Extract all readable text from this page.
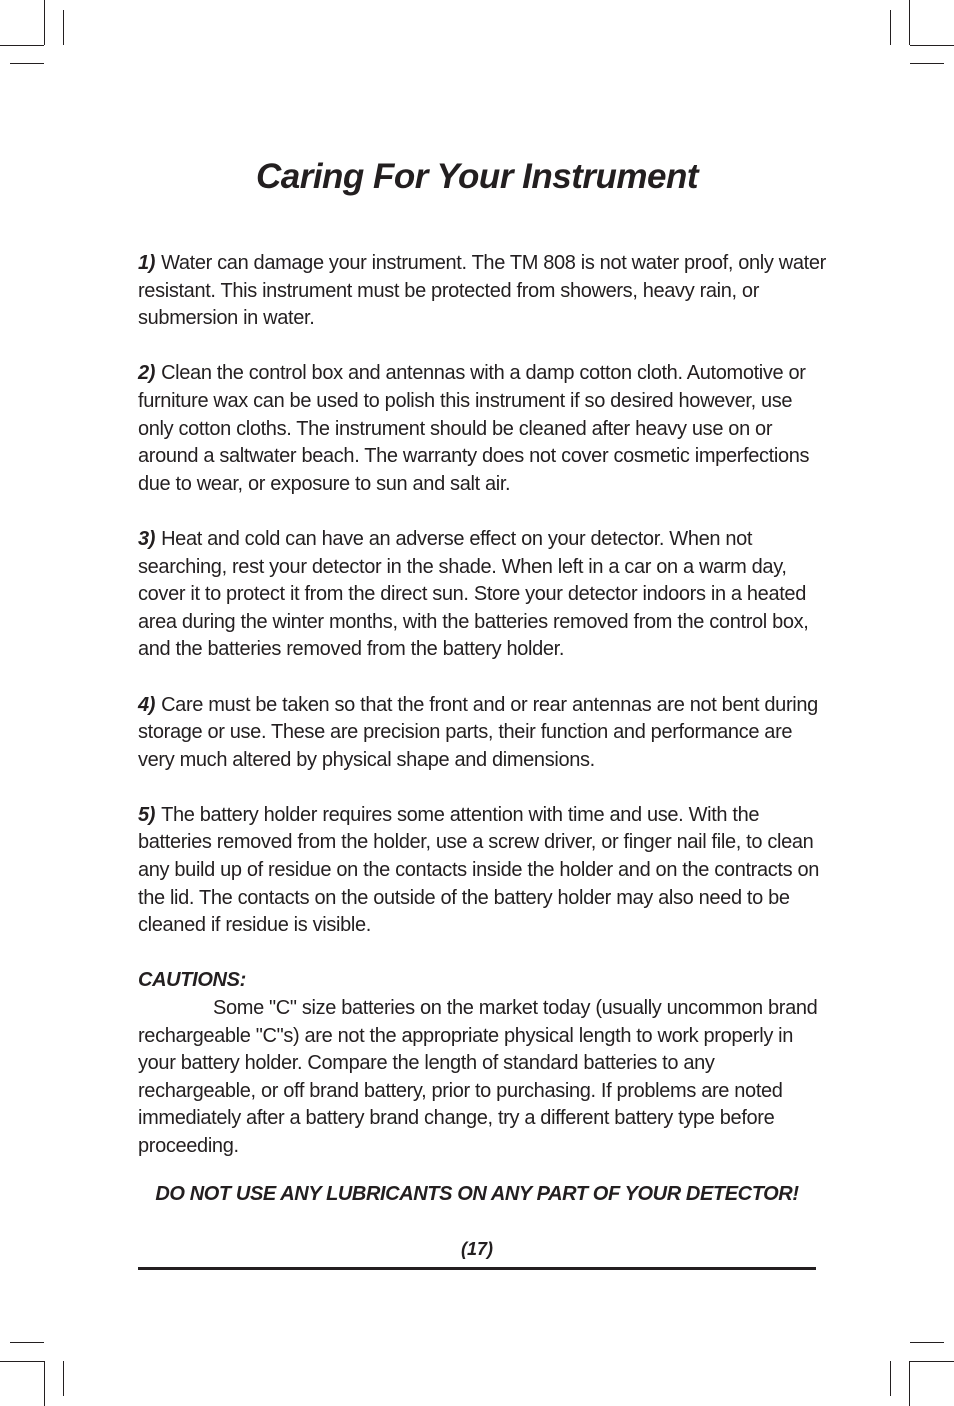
Caring For Your Instrument

1) Water can damage your instrument. The TM 808 is not water proof, only water resistant. This instrument must be protected from showers, heavy rain, or submersion in water.

2) Clean the control box and antennas with a damp cotton cloth. Automotive or furniture wax can be used to polish this instrument if so desired however, use only cotton cloths. The instrument should be cleaned after heavy use on or around a saltwater beach. The warranty does not cover cosmetic imperfections due to wear, or exposure to sun and salt air.

3) Heat and cold can have an adverse effect on your detector. When not searching, rest your detector in the shade. When left in a car on a warm day, cover it to protect it from the direct sun. Store your detector indoors in a heated area during the winter months, with the batteries removed from the control box, and the batteries removed from the battery holder.

4) Care must be taken so that the front and or rear antennas are not bent during storage or use. These are precision parts, their function and performance are very much altered by physical shape and dimensions.

5) The battery holder requires some attention with time and use. With the batteries removed from the holder, use a screw driver, or finger nail file, to clean any build up of residue on the contacts inside the holder and on the contracts on the lid. The contacts on the outside of the battery holder may also need to be cleaned if residue is visible.

CAUTIONS:
Some "C" size batteries on the market today (usually uncommon brand rechargeable "C"s) are not the appropriate physical length to work properly in your battery holder. Compare the length of standard batteries to any rechargeable, or off brand battery, prior to purchasing. If problems are noted immediately after a battery brand change, try a different battery type before proceeding.

DO NOT USE ANY LUBRICANTS ON ANY PART OF YOUR DETECTOR!

(17)
